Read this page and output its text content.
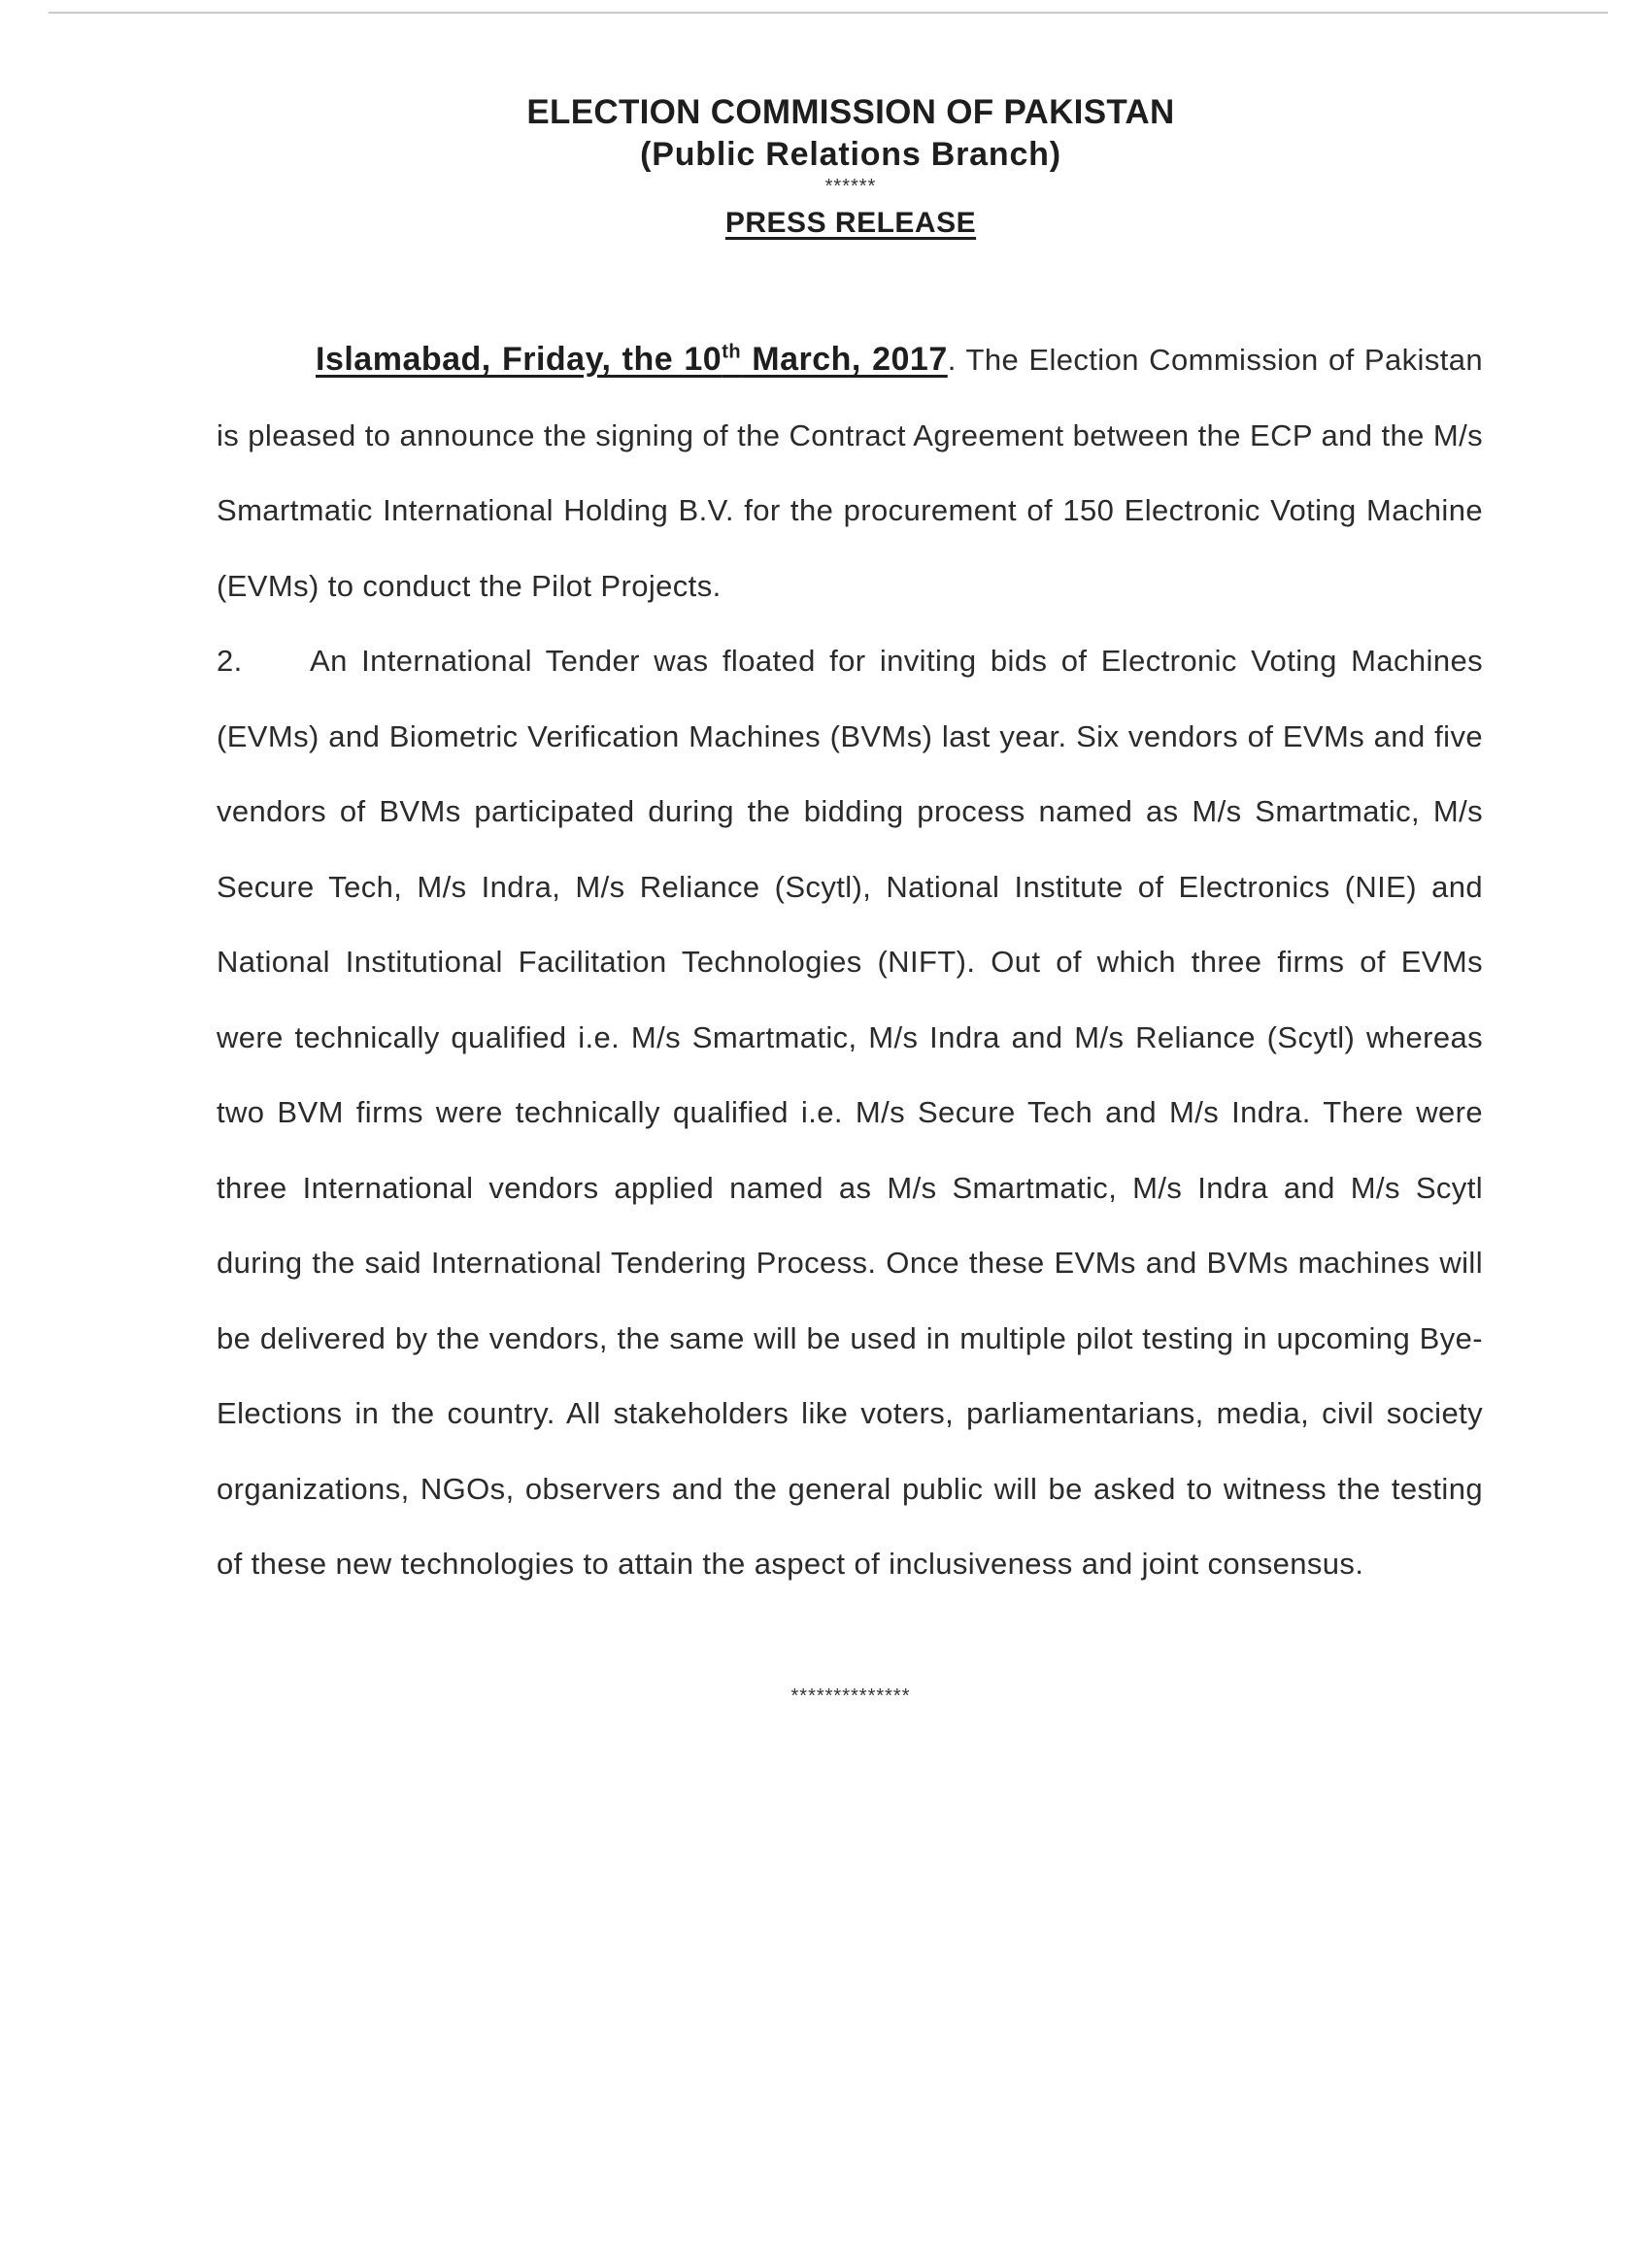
ELECTION COMMISSION OF PAKISTAN
(Public Relations Branch)
******
PRESS RELEASE

Islamabad, Friday, the 10th March, 2017. The Election Commission of Pakistan is pleased to announce the signing of the Contract Agreement between the ECP and the M/s Smartmatic International Holding B.V. for the procurement of 150 Electronic Voting Machine (EVMs) to conduct the Pilot Projects.

2. An International Tender was floated for inviting bids of Electronic Voting Machines (EVMs) and Biometric Verification Machines (BVMs) last year. Six vendors of EVMs and five vendors of BVMs participated during the bidding process named as M/s Smartmatic, M/s Secure Tech, M/s Indra, M/s Reliance (Scytl), National Institute of Electronics (NIE) and National Institutional Facilitation Technologies (NIFT). Out of which three firms of EVMs were technically qualified i.e. M/s Smartmatic, M/s Indra and M/s Reliance (Scytl) whereas two BVM firms were technically qualified i.e. M/s Secure Tech and M/s Indra. There were three International vendors applied named as M/s Smartmatic, M/s Indra and M/s Scytl during the said International Tendering Process. Once these EVMs and BVMs machines will be delivered by the vendors, the same will be used in multiple pilot testing in upcoming Bye-Elections in the country. All stakeholders like voters, parliamentarians, media, civil society organizations, NGOs, observers and the general public will be asked to witness the testing of these new technologies to attain the aspect of inclusiveness and joint consensus.

**************
